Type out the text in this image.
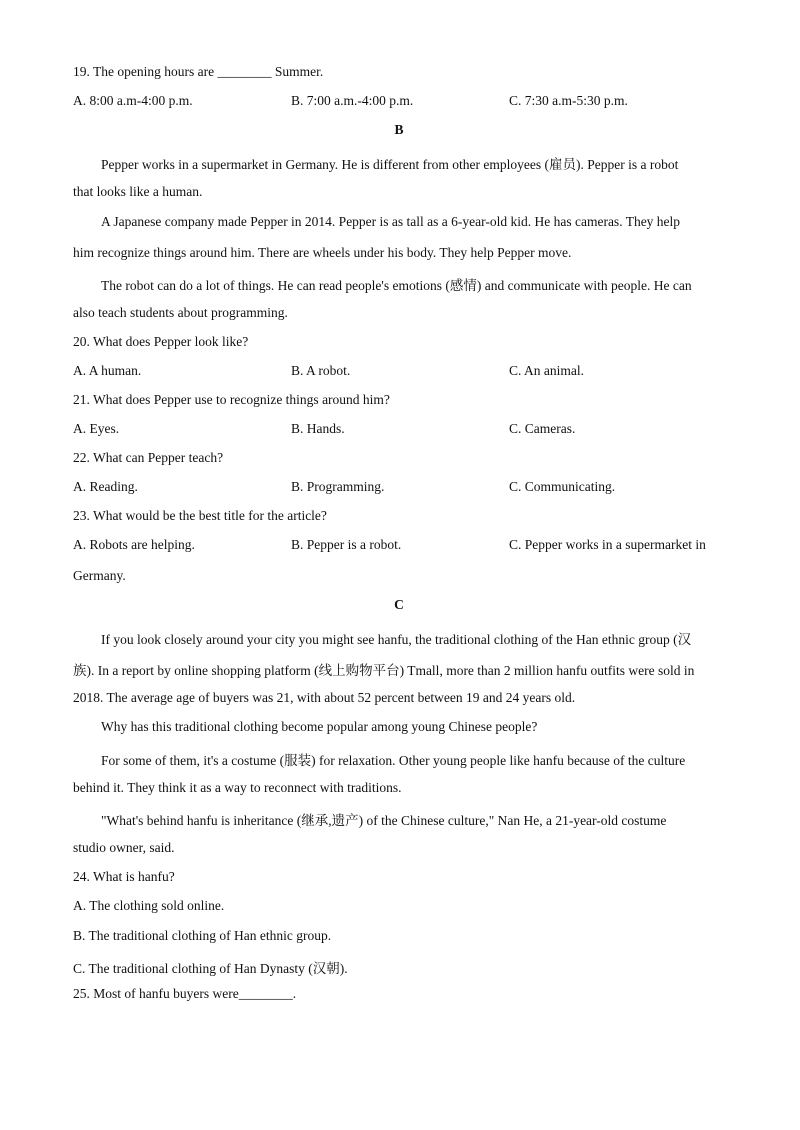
19. The opening hours are ________ Summer.
A. 8:00 a.m-4:00 p.m.	B. 7:00 a.m.-4:00 p.m.	C. 7:30 a.m-5:30 p.m.
B
Pepper works in a supermarket in Germany. He is different from other employees (雇员). Pepper is a robot
that looks like a human.
A Japanese company made Pepper in 2014. Pepper is as tall as a 6-year-old kid. He has cameras. They help
him recognize things around him. There are wheels under his body. They help Pepper move.
The robot can do a lot of things. He can read people's emotions (感情) and communicate with people. He can
also teach students about programming.
20. What does Pepper look like?
A. A human.	B. A robot.	C. An animal.
21. What does Pepper use to recognize things around him?
A. Eyes.	B. Hands.	C. Cameras.
22. What can Pepper teach?
A. Reading.	B. Programming.	C. Communicating.
23. What would be the best title for the article?
A. Robots are helping.	B. Pepper is a robot.	C. Pepper works in a supermarket in
Germany.
C
If you look closely around your city you might see hanfu, the traditional clothing of the Han ethnic group (汉
族). In a report by online shopping platform (线上购物平台) Tmall, more than 2 million hanfu outfits were sold in
2018. The average age of buyers was 21, with about 52 percent between 19 and 24 years old.
Why has this traditional clothing become popular among young Chinese people?
For some of them, it's a costume (服装) for relaxation. Other young people like hanfu because of the culture
behind it. They think it as a way to reconnect with traditions.
"What's behind hanfu is inheritance (继承,遗产) of the Chinese culture," Nan He, a 21-year-old costume
studio owner, said.
24. What is hanfu?
A. The clothing sold online.
B. The traditional clothing of Han ethnic group.
C. The traditional clothing of Han Dynasty (汉朝).
25. Most of hanfu buyers were________.
